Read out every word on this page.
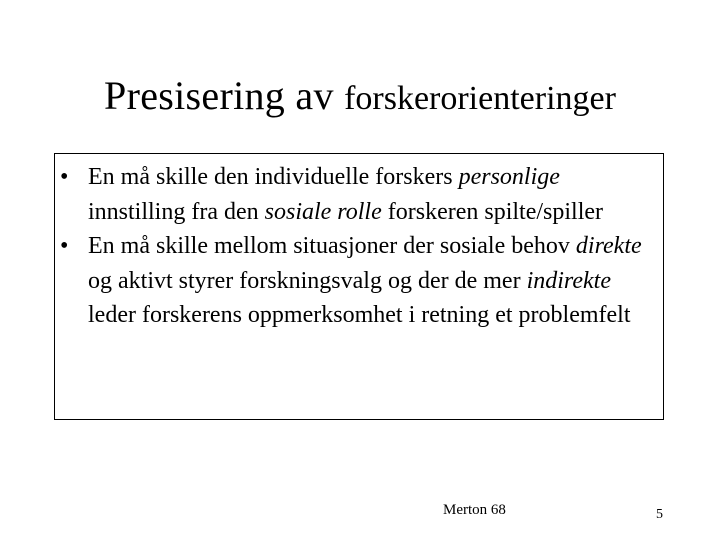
Presisering av forskerorienteringer
• En må skille den individuelle forskers personlige innstilling fra den sosiale rolle forskeren spilte/spiller
• En må skille mellom situasjoner der sosiale behov direkte og aktivt styrer forskningsvalg og der de mer indirekte leder forskerens oppmerksomhet i retning et problemfelt
Merton 68	5
